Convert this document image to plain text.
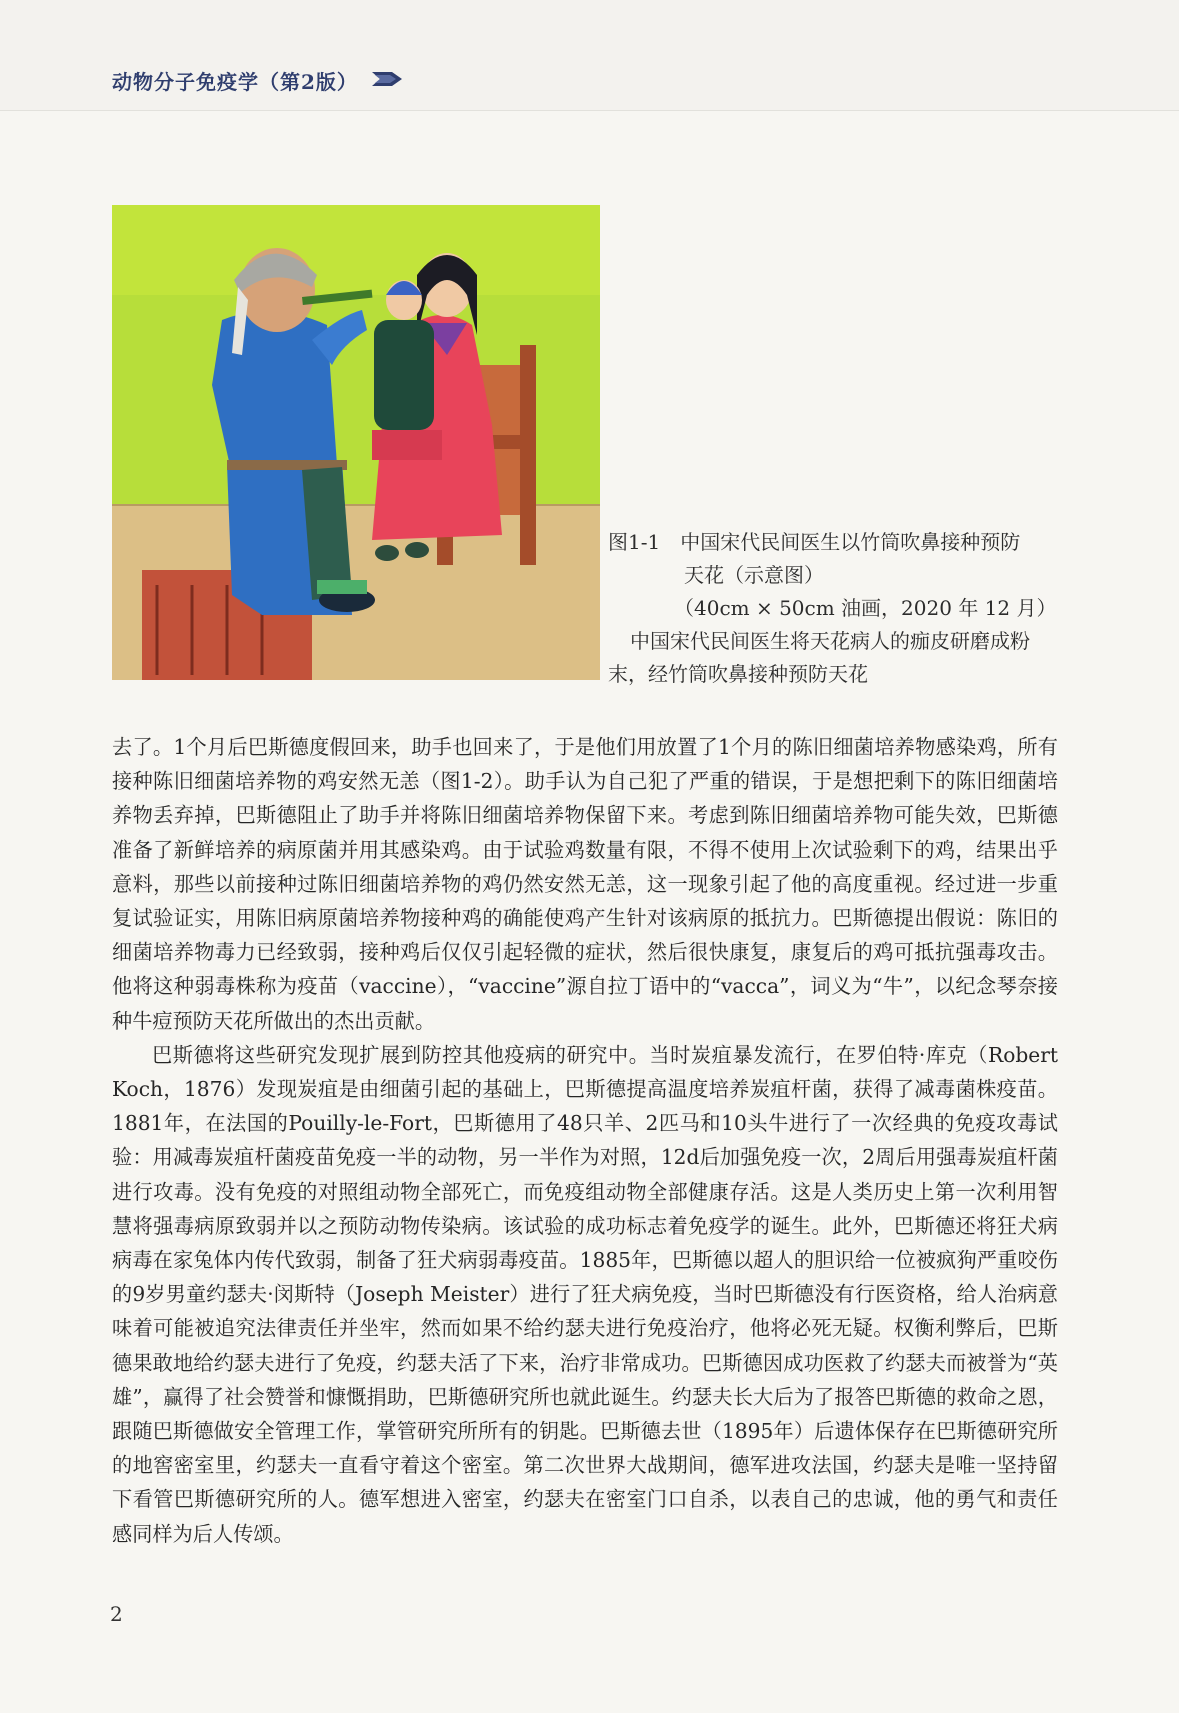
动物分子免疫学（第2版）
图1-1 中国宋代民间医生以竹筒吹鼻接种预防
天花（示意图）
（40cm × 50cm 油画，2020 年 12 月）
中国宋代民间医生将天花病人的痂皮研磨成粉
末，经竹筒吹鼻接种预防天花

去了。1个月后巴斯德度假回来，助手也回来了，于是他们用放置了1个月的陈旧细菌培养物感染鸡，所有接种陈旧细菌培养物的鸡安然无恙（图1-2）。助手认为自己犯了严重的错误，于是想把剩下的陈旧细菌培养物丢弃掉，巴斯德阻止了助手并将陈旧细菌培养物保留下来。考虑到陈旧细菌培养物可能失效，巴斯德准备了新鲜培养的病原菌并用其感染鸡。由于试验鸡数量有限，不得不使用上次试验剩下的鸡，结果出乎意料，那些以前接种过陈旧细菌培养物的鸡仍然安然无恙，这一现象引起了他的高度重视。经过进一步重复试验证实，用陈旧病原菌培养物接种鸡的确能使鸡产生针对该病原的抵抗力。巴斯德提出假说：陈旧的细菌培养物毒力已经致弱，接种鸡后仅仅引起轻微的症状，然后很快康复，康复后的鸡可抵抗强毒攻击。他将这种弱毒株称为疫苗（vaccine），“vaccine”源自拉丁语中的“vacca”，词义为“牛”，以纪念琴奈接种牛痘预防天花所做出的杰出贡献。

巴斯德将这些研究发现扩展到防控其他疫病的研究中。当时炭疽暴发流行，在罗伯特·库克（Robert Koch，1876）发现炭疽是由细菌引起的基础上，巴斯德提高温度培养炭疽杆菌，获得了减毒菌株疫苗。1881年，在法国的Pouilly-le-Fort，巴斯德用了48只羊、2匹马和10头牛进行了一次经典的免疫攻毒试验：用减毒炭疽杆菌疫苗免疫一半的动物，另一半作为对照，12d后加强免疫一次，2周后用强毒炭疽杆菌进行攻毒。没有免疫的对照组动物全部死亡，而免疫组动物全部健康存活。这是人类历史上第一次利用智慧将强毒病原致弱并以之预防动物传染病。该试验的成功标志着免疫学的诞生。此外，巴斯德还将狂犬病病毒在家兔体内传代致弱，制备了狂犬病弱毒疫苗。1885年，巴斯德以超人的胆识给一位被疯狗严重咬伤的9岁男童约瑟夫·闵斯特（Joseph Meister）进行了狂犬病免疫，当时巴斯德没有行医资格，给人治病意味着可能被追究法律责任并坐牢，然而如果不给约瑟夫进行免疫治疗，他将必死无疑。权衡利弊后，巴斯德果敢地给约瑟夫进行了免疫，约瑟夫活了下来，治疗非常成功。巴斯德因成功医救了约瑟夫而被誉为“英雄”，赢得了社会赞誉和慷慨捐助，巴斯德研究所也就此诞生。约瑟夫长大后为了报答巴斯德的救命之恩，跟随巴斯德做安全管理工作，掌管研究所所有的钥匙。巴斯德去世（1895年）后遗体保存在巴斯德研究所的地窖密室里，约瑟夫一直看守着这个密室。第二次世界大战期间，德军进攻法国，约瑟夫是唯一坚持留下看管巴斯德研究所的人。德军想进入密室，约瑟夫在密室门口自杀，以表自己的忠诚，他的勇气和责任感同样为后人传颂。

2
